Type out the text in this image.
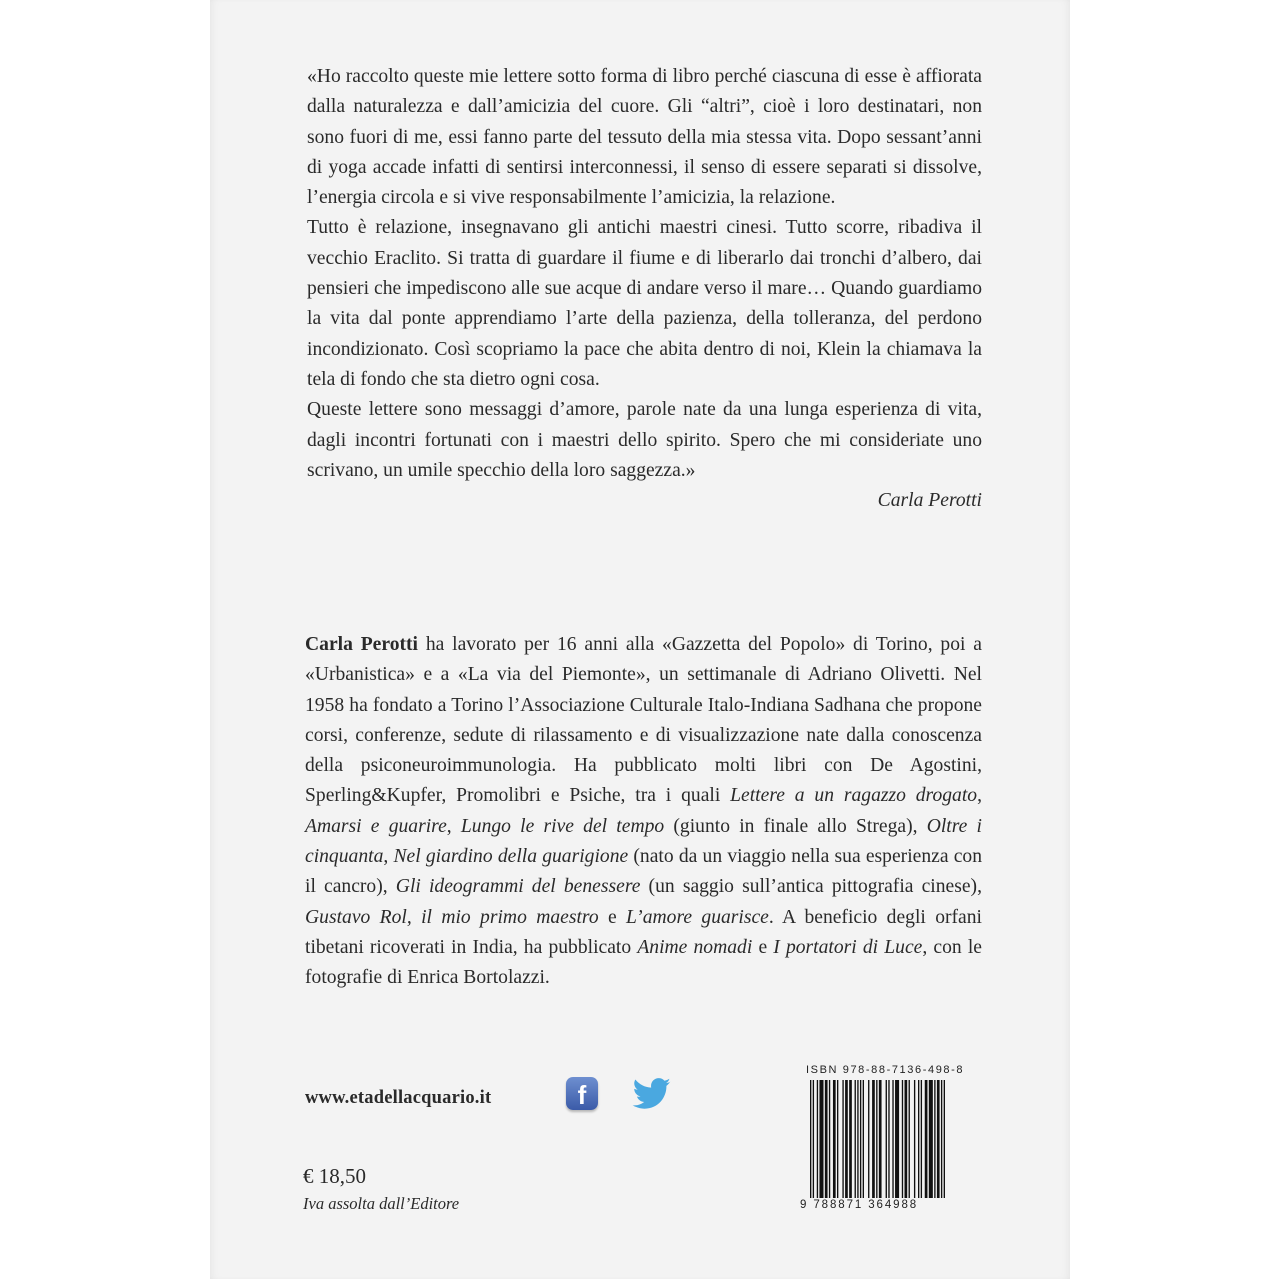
«Ho raccolto queste mie lettere sotto forma di libro perché ciascuna di esse è affiorata dalla naturalezza e dall’amicizia del cuore. Gli “altri”, cioè i loro destinatari, non sono fuori di me, essi fanno parte del tessuto della mia stessa vita. Dopo sessant’anni di yoga accade infatti di sentirsi interconnessi, il senso di essere separati si dissolve, l’energia circola e si vive responsabilmente l’amicizia, la relazione.

Tutto è relazione, insegnavano gli antichi maestri cinesi. Tutto scorre, ribadiva il vecchio Eraclito. Si tratta di guardare il fiume e di liberarlo dai tronchi d’albero, dai pensieri che impediscono alle sue acque di andare verso il mare… Quando guardiamo la vita dal ponte apprendiamo l’arte della pazienza, della tolleranza, del perdono incondizionato. Così scopriamo la pace che abita dentro di noi, Klein la chiamava la tela di fondo che sta dietro ogni cosa.

Queste lettere sono messaggi d’amore, parole nate da una lunga esperienza di vita, dagli incontri fortunati con i maestri dello spirito. Spero che mi consideriate uno scrivano, un umile specchio della loro saggezza.»

Carla Perotti

Carla Perotti ha lavorato per 16 anni alla «Gazzetta del Popolo» di Torino, poi a «Urbanistica» e a «La via del Piemonte», un settimanale di Adriano Olivetti. Nel 1958 ha fondato a Torino l’Associazione Culturale Italo-Indiana Sadhana che propone corsi, conferenze, sedute di rilassamento e di visualizzazione nate dalla conoscenza della psiconeuroimmunologia. Ha pubblicato molti libri con De Agostini, Sperling&Kupfer, Promolibri e Psiche, tra i quali Lettere a un ragazzo drogato, Amarsi e guarire, Lungo le rive del tempo (giunto in finale allo Strega), Oltre i cinquanta, Nel giardino della guarigione (nato da un viaggio nella sua esperienza con il cancro), Gli ideogrammi del benessere (un saggio sull’antica pittografia cinese), Gustavo Rol, il mio primo maestro e L’amore guarisce. A beneficio degli orfani tibetani ricoverati in India, ha pubblicato Anime nomadi e I portatori di Luce, con le fotografie di Enrica Bortolazzi.

www.etadellacquario.it	f
€ 18,50
Iva assolta dall’Editore
ISBN 978-88-7136-498-8
9 788871 364988
